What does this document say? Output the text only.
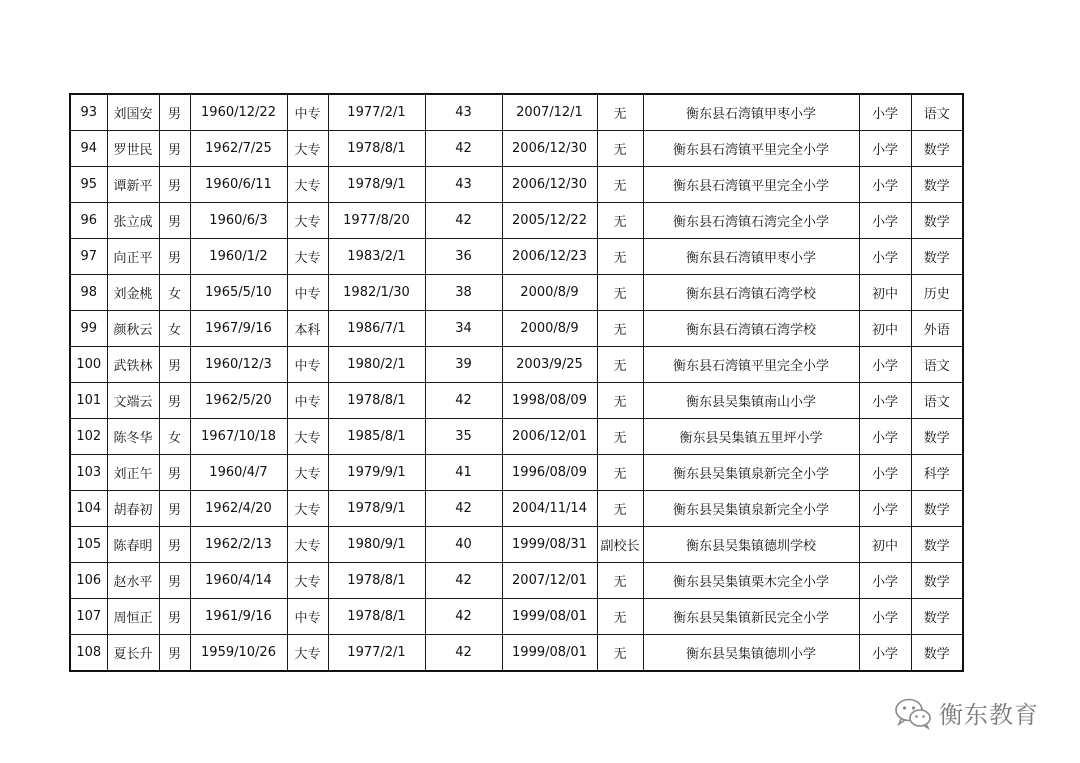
93	刘国安	男	1960/12/22	中专	1977/2/1	43	2007/12/1	无	衡东县石湾镇甲枣小学	小学	语文
94	罗世民	男	1962/7/25	大专	1978/8/1	42	2006/12/30	无	衡东县石湾镇平里完全小学	小学	数学
95	谭新平	男	1960/6/11	大专	1978/9/1	43	2006/12/30	无	衡东县石湾镇平里完全小学	小学	数学
96	张立成	男	1960/6/3	大专	1977/8/20	42	2005/12/22	无	衡东县石湾镇石湾完全小学	小学	数学
97	向正平	男	1960/1/2	大专	1983/2/1	36	2006/12/23	无	衡东县石湾镇甲枣小学	小学	数学
98	刘金桃	女	1965/5/10	中专	1982/1/30	38	2000/8/9	无	衡东县石湾镇石湾学校	初中	历史
99	颜秋云	女	1967/9/16	本科	1986/7/1	34	2000/8/9	无	衡东县石湾镇石湾学校	初中	外语
100	武铁林	男	1960/12/3	中专	1980/2/1	39	2003/9/25	无	衡东县石湾镇平里完全小学	小学	语文
101	文端云	男	1962/5/20	中专	1978/8/1	42	1998/08/09	无	衡东县吴集镇南山小学	小学	语文
102	陈冬华	女	1967/10/18	大专	1985/8/1	35	2006/12/01	无	衡东县吴集镇五里坪小学	小学	数学
103	刘正午	男	1960/4/7	大专	1979/9/1	41	1996/08/09	无	衡东县吴集镇泉新完全小学	小学	科学
104	胡春初	男	1962/4/20	大专	1978/9/1	42	2004/11/14	无	衡东县吴集镇泉新完全小学	小学	数学
105	陈春明	男	1962/2/13	大专	1980/9/1	40	1999/08/31	副校长	衡东县吴集镇德圳学校	初中	数学
106	赵水平	男	1960/4/14	大专	1978/8/1	42	2007/12/01	无	衡东县吴集镇栗木完全小学	小学	数学
107	周恒正	男	1961/9/16	中专	1978/8/1	42	1999/08/01	无	衡东县吴集镇新民完全小学	小学	数学
108	夏长升	男	1959/10/26	大专	1977/2/1	42	1999/08/01	无	衡东县吴集镇德圳小学	小学	数学
衡东教育
